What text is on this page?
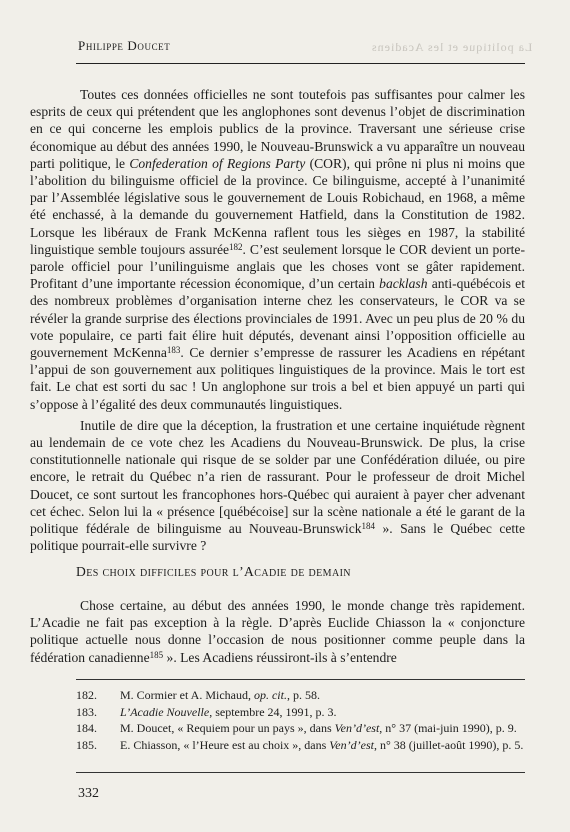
La politique et les Acadiens
Philippe Doucet

Toutes ces données officielles ne sont toutefois pas suffisantes pour calmer les esprits de ceux qui prétendent que les anglophones sont devenus l’objet de discrimination en ce qui concerne les emplois publics de la province. Traversant une sérieuse crise économique au début des années 1990, le Nouveau-Brunswick a vu apparaître un nouveau parti politique, le Confederation of Regions Party (COR), qui prône ni plus ni moins que l’abolition du bilinguisme officiel de la province. Ce bilinguisme, accepté à l’unanimité par l’Assemblée législative sous le gouvernement de Louis Robichaud, en 1968, a même été enchassé, à la demande du gouvernement Hatfield, dans la Constitution de 1982. Lorsque les libéraux de Frank McKenna raflent tous les sièges en 1987, la stabilité linguistique semble toujours assurée$^{182}$. C’est seulement lorsque le COR devient un porte-parole officiel pour l’unilinguisme anglais que les choses vont se gâter rapidement. Profitant d’une importante récession économique, d’un certain backlash anti-québécois et des nombreux problèmes d’organisation interne chez les conservateurs, le COR va se révéler la grande surprise des élections provinciales de 1991. Avec un peu plus de 20 % du vote populaire, ce parti fait élire huit députés, devenant ainsi l’opposition officielle au gouvernement McKenna$^{183}$. Ce dernier s’empresse de rassurer les Acadiens en répétant l’appui de son gouvernement aux politiques linguistiques de la province. Mais le tort est fait. Le chat est sorti du sac ! Un anglophone sur trois a bel et bien appuyé un parti qui s’oppose à l’égalité des deux communautés linguistiques.

Inutile de dire que la déception, la frustration et une certaine inquiétude règnent au lendemain de ce vote chez les Acadiens du Nouveau-Brunswick. De plus, la crise constitutionnelle nationale qui risque de se solder par une Confédération diluée, ou pire encore, le retrait du Québec n’a rien de rassurant. Pour le professeur de droit Michel Doucet, ce sont surtout les francophones hors-Québec qui auraient à payer cher advenant cet échec. Selon lui la « présence [québécoise] sur la scène nationale a été le garant de la politique fédérale de bilinguisme au Nouveau-Brunswick$^{184}$ ». Sans le Québec cette politique pourrait-elle survivre ?

Des choix difficiles pour l’Acadie de demain

Chose certaine, au début des années 1990, le monde change très rapidement. L’Acadie ne fait pas exception à la règle. D’après Euclide Chiasson la « conjoncture politique actuelle nous donne l’occasion de nous positionner comme peuple dans la fédération canadienne$^{185}$ ». Les Acadiens réussiront-ils à s’entendre

182.	M. Cormier et A. Michaud, op. cit., p. 58.
183.	L’Acadie Nouvelle, septembre 24, 1991, p. 3.
184.	M. Doucet, « Requiem pour un pays », dans Ven’d’est, n° 37 (mai-juin 1990), p. 9.
185.	E. Chiasson, « l’Heure est au choix », dans Ven’d’est, n° 38 (juillet-août 1990), p. 5.
332
